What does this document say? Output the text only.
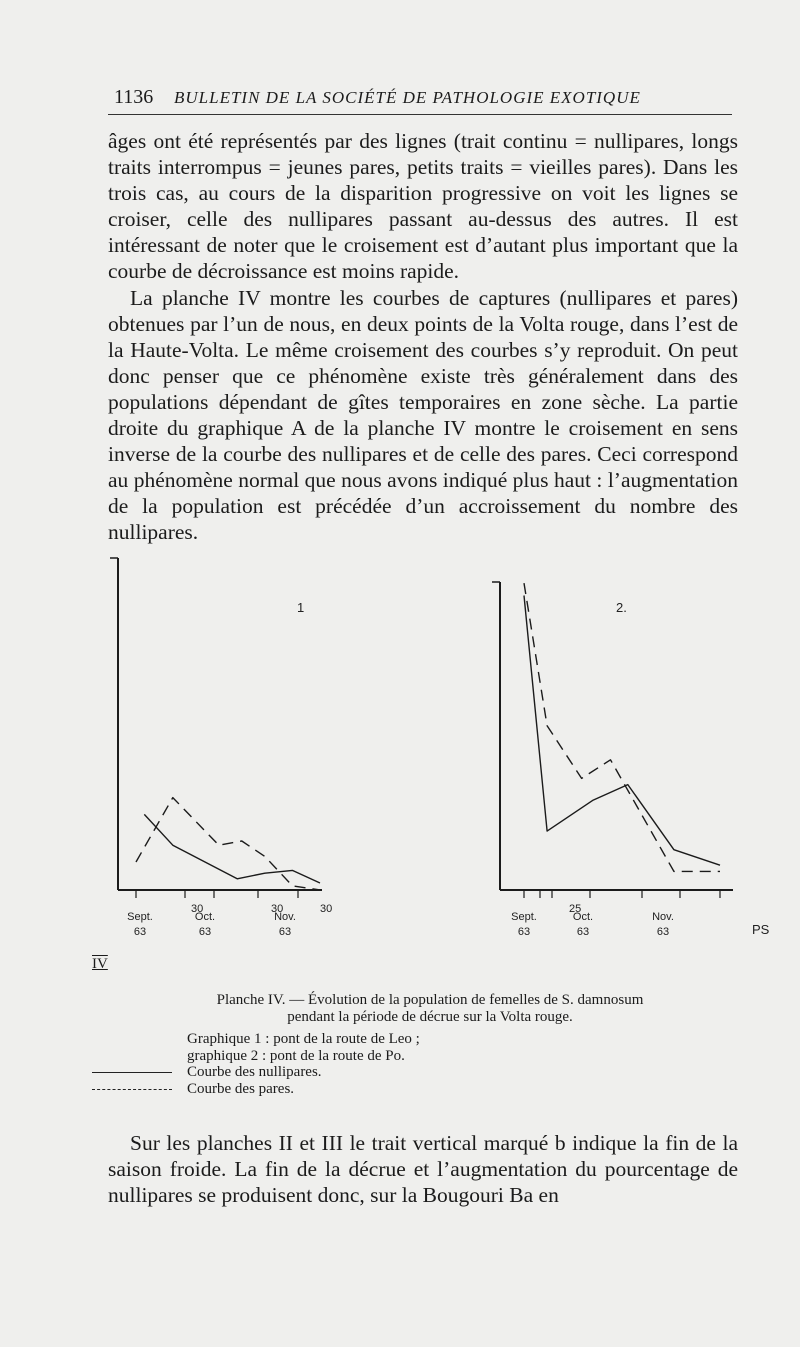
1136 BULLETIN DE LA SOCIÉTÉ DE PATHOLOGIE EXOTIQUE

âges ont été représentés par des lignes (trait continu = nullipares, longs traits interrompus = jeunes pares, petits traits = vieilles pares). Dans les trois cas, au cours de la disparition progressive on voit les lignes se croiser, celle des nullipares passant au-dessus des autres. Il est intéressant de noter que le croisement est d’autant plus important que la courbe de décroissance est moins rapide.

La planche IV montre les courbes de captures (nullipares et pares) obtenues par l’un de nous, en deux points de la Volta rouge, dans l’est de la Haute-Volta. Le même croisement des courbes s’y reproduit. On peut donc penser que ce phénomène existe très généralement dans des populations dépendant de gîtes temporaires en zone sèche. La partie droite du graphique A de la planche IV montre le croisement en sens inverse de la courbe des nullipares et de celle des pares. Ceci correspond au phénomène normal que nous avons indiqué plus haut : l’augmentation de la population est précédée d’un accroissement du nombre des nullipares.

1
Sept.
63
30
Oct.
63
30
Nov.
63
30
2.
Sept.
63
25
Oct.
63
Nov.
63	PS
IV
Planche IV. — Évolution de la population de femelles de S. damnosum
pendant la période de décrue sur la Volta rouge.
Graphique 1 : pont de la route de Leo ;
graphique 2 : pont de la route de Po.
Courbe des nullipares.
Courbe des pares.

Sur les planches II et III le trait vertical marqué b indique la fin de la saison froide. La fin de la décrue et l’augmentation du pourcentage de nullipares se produisent donc, sur la Bougouri Ba en
